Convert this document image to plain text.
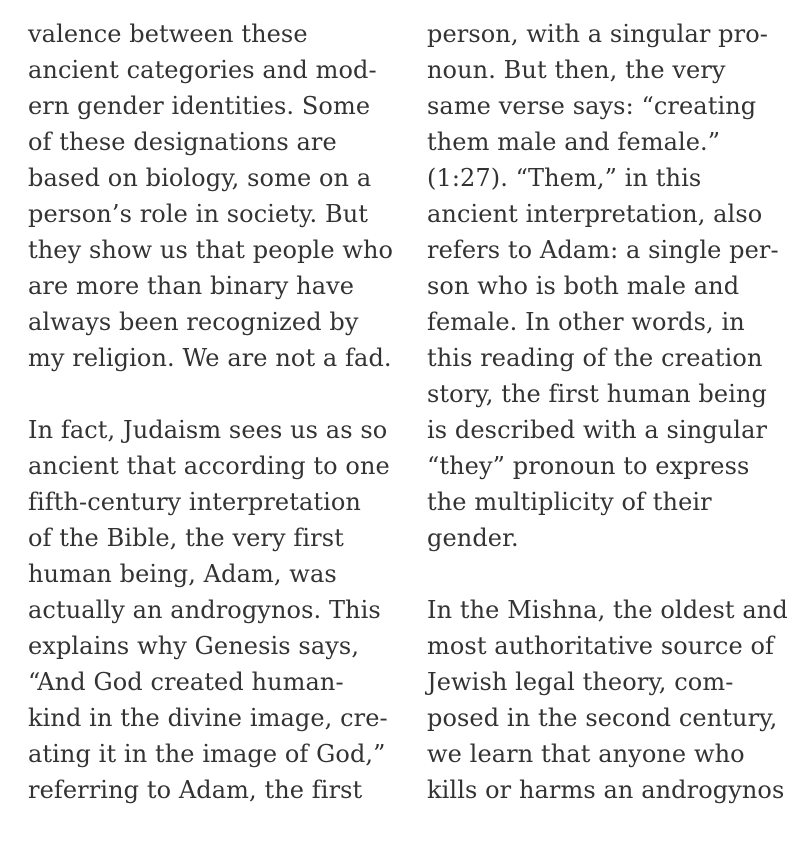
valence between these
ancient categories and mod-
ern gender identities. Some
of these designations are
based on biology, some on a
person’s role in society. But
they show us that people who
are more than binary have
always been recognized by
my religion. We are not a fad.

In fact, Judaism sees us as so
ancient that according to one
fifth-century interpretation
of the Bible, the very first
human being, Adam, was
actually an androgynos. This
explains why Genesis says,
“And God created human-
kind in the divine image, cre-
ating it in the image of God,”
referring to Adam, the first

person, with a singular pro-
noun. But then, the very
same verse says: “creating
them male and female.”
(1:27). “Them,” in this
ancient interpretation, also
refers to Adam: a single per-
son who is both male and
female. In other words, in
this reading of the creation
story, the first human being
is described with a singular
“they” pronoun to express
the multiplicity of their
gender.

In the Mishna, the oldest and
most authoritative source of
Jewish legal theory, com-
posed in the second century,
we learn that anyone who
kills or harms an androgynos
